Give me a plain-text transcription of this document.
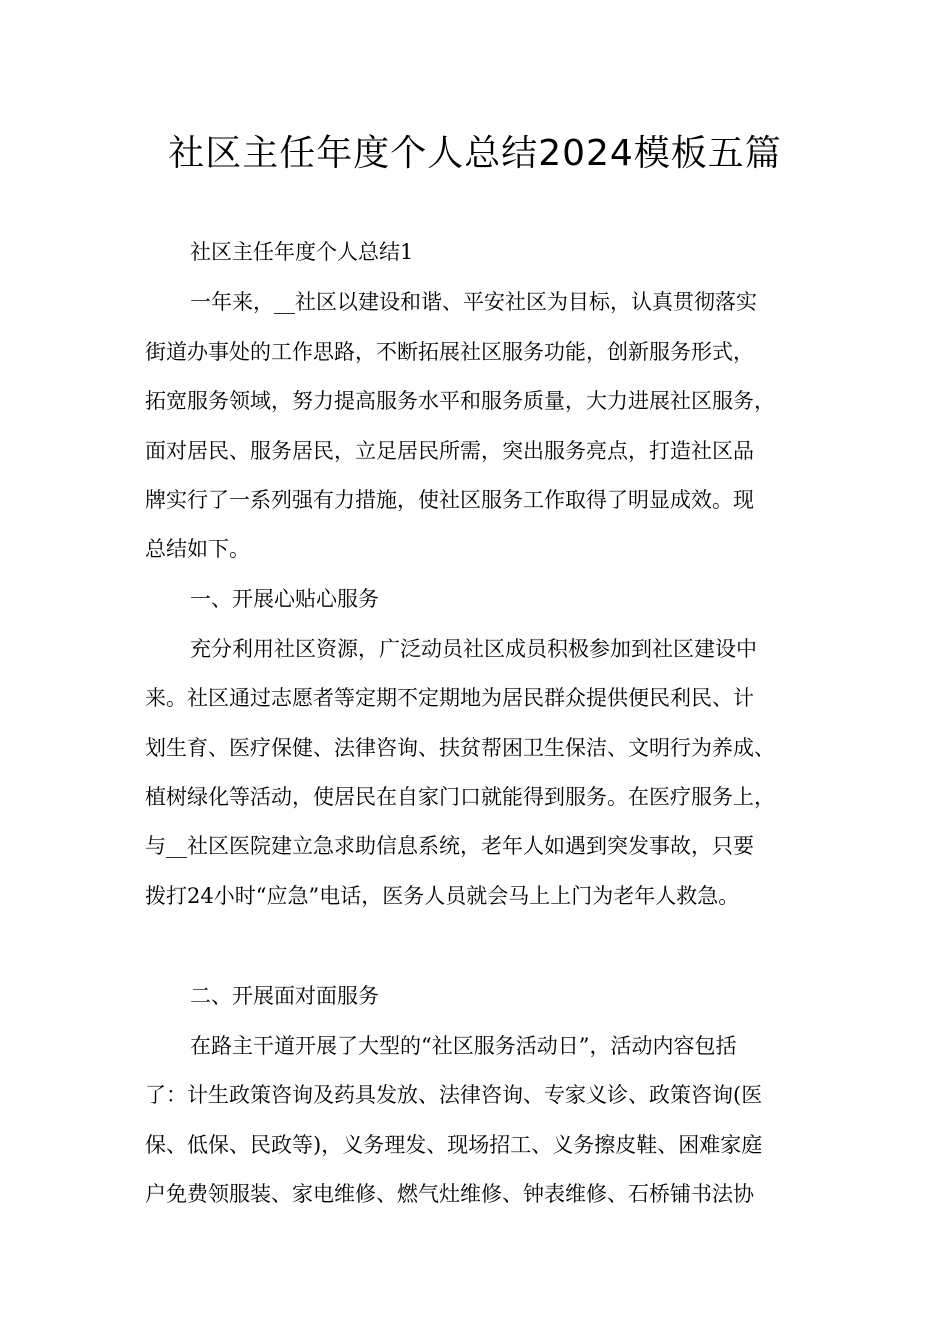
社区主任年度个人总结2024模板五篇
社区主任年度个人总结1
一年来，__社区以建设和谐、平安社区为目标，认真贯彻落实
街道办事处的工作思路，不断拓展社区服务功能，创新服务形式，
拓宽服务领域，努力提高服务水平和服务质量，大力进展社区服务，
面对居民、服务居民，立足居民所需，突出服务亮点，打造社区品
牌实行了一系列强有力措施，使社区服务工作取得了明显成效。现
总结如下。
一、开展心贴心服务
充分利用社区资源，广泛动员社区成员积极参加到社区建设中
来。社区通过志愿者等定期不定期地为居民群众提供便民利民、计
划生育、医疗保健、法律咨询、扶贫帮困卫生保洁、文明行为养成、
植树绿化等活动，使居民在自家门口就能得到服务。在医疗服务上，
与__社区医院建立急求助信息系统，老年人如遇到突发事故，只要
拨打24小时“应急”电话，医务人员就会马上上门为老年人救急。
二、开展面对面服务
在路主干道开展了大型的“社区服务活动日”，活动内容包括
了：计生政策咨询及药具发放、法律咨询、专家义诊、政策咨询(医
保、低保、民政等)，义务理发、现场招工、义务擦皮鞋、困难家庭
户免费领服装、家电维修、燃气灶维修、钟表维修、石桥铺书法协
